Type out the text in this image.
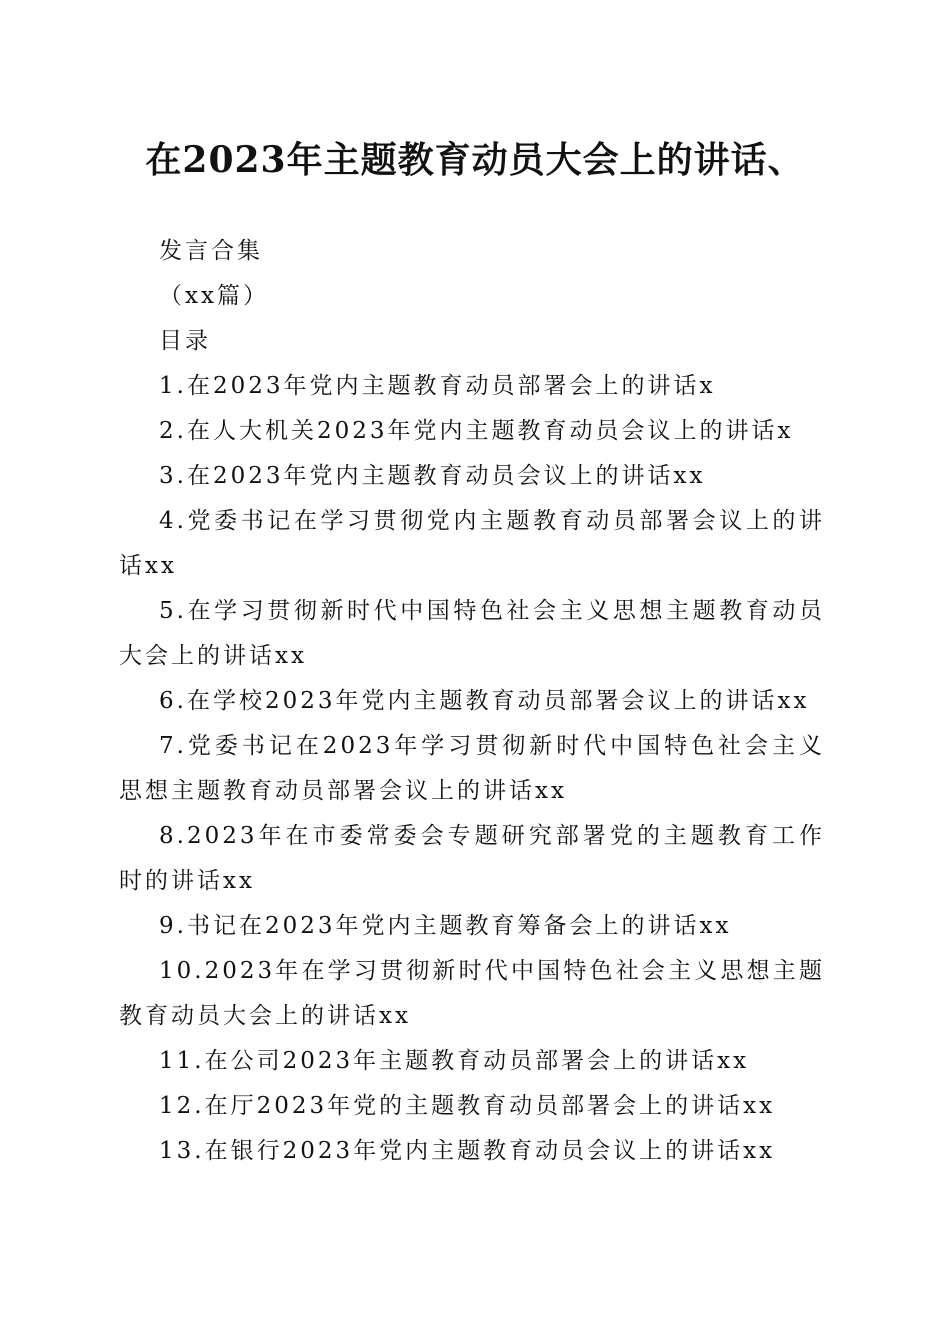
在2023年主题教育动员大会上的讲话、

发言合集

（xx篇）

目录

1.在2023年党内主题教育动员部署会上的讲话x

2.在人大机关2023年党内主题教育动员会议上的讲话x

3.在2023年党内主题教育动员会议上的讲话xx

4.党委书记在学习贯彻党内主题教育动员部署会议上的讲话xx

5.在学习贯彻新时代中国特色社会主义思想主题教育动员大会上的讲话xx

6.在学校2023年党内主题教育动员部署会议上的讲话xx

7.党委书记在2023年学习贯彻新时代中国特色社会主义思想主题教育动员部署会议上的讲话xx

8.2023年在市委常委会专题研究部署党的主题教育工作时的讲话xx

9.书记在2023年党内主题教育筹备会上的讲话xx

10.2023年在学习贯彻新时代中国特色社会主义思想主题教育动员大会上的讲话xx

11.在公司2023年主题教育动员部署会上的讲话xx

12.在厅2023年党的主题教育动员部署会上的讲话xx

13.在银行2023年党内主题教育动员会议上的讲话xx
